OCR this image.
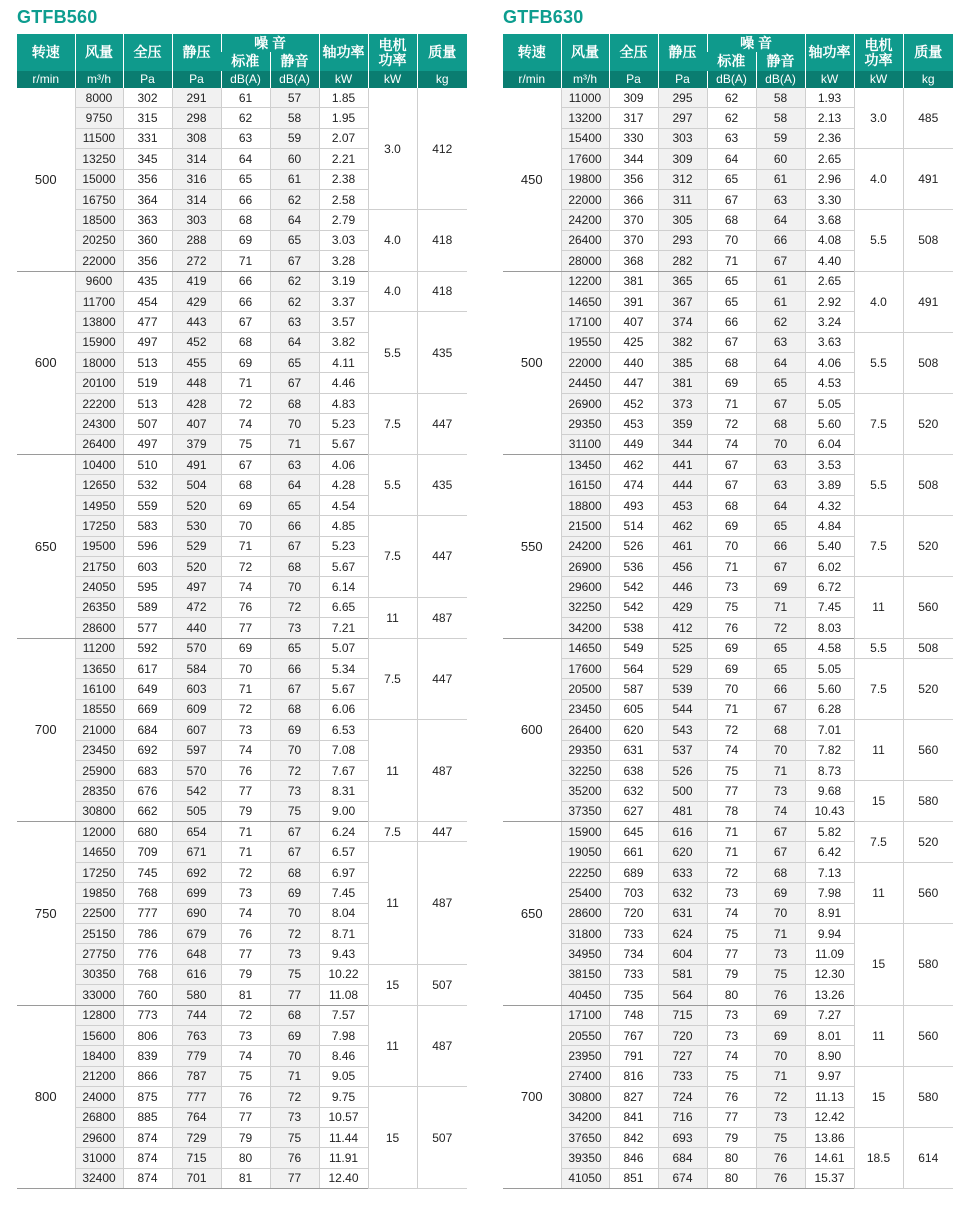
GTFB560
转速	风量	全压	静压	噪 音		轴功率	电机功率	质量
				标准	静音			
r/min	m³/h	Pa	Pa	dB(A)	dB(A)	kW	kW	kg
500	8000	302	291	61	57	1.85	3.0	412
	9750	315	298	62	58	1.95		
	11500	331	308	63	59	2.07		
	13250	345	314	64	60	2.21		
	15000	356	316	65	61	2.38		
	16750	364	314	66	62	2.58		
	18500	363	303	68	64	2.79	4.0	418
	20250	360	288	69	65	3.03		
	22000	356	272	71	67	3.28		
600	9600	435	419	66	62	3.19	4.0	418
	11700	454	429	66	62	3.37		
	13800	477	443	67	63	3.57	5.5	435
	15900	497	452	68	64	3.82		
	18000	513	455	69	65	4.11		
	20100	519	448	71	67	4.46		
	22200	513	428	72	68	4.83	7.5	447
	24300	507	407	74	70	5.23		
	26400	497	379	75	71	5.67		
650	10400	510	491	67	63	4.06	5.5	435
	12650	532	504	68	64	4.28		
	14950	559	520	69	65	4.54		
	17250	583	530	70	66	4.85	7.5	447
	19500	596	529	71	67	5.23		
	21750	603	520	72	68	5.67		
	24050	595	497	74	70	6.14		
	26350	589	472	76	72	6.65	11	487
	28600	577	440	77	73	7.21		
700	11200	592	570	69	65	5.07	7.5	447
	13650	617	584	70	66	5.34		
	16100	649	603	71	67	5.67		
	18550	669	609	72	68	6.06		
	21000	684	607	73	69	6.53	11	487
	23450	692	597	74	70	7.08		
	25900	683	570	76	72	7.67		
	28350	676	542	77	73	8.31		
	30800	662	505	79	75	9.00		
750	12000	680	654	71	67	6.24	7.5	447
	14650	709	671	71	67	6.57	11	487
	17250	745	692	72	68	6.97		
	19850	768	699	73	69	7.45		
	22500	777	690	74	70	8.04		
	25150	786	679	76	72	8.71		
	27750	776	648	77	73	9.43		
	30350	768	616	79	75	10.22	15	507
	33000	760	580	81	77	11.08		
800	12800	773	744	72	68	7.57	11	487
	15600	806	763	73	69	7.98		
	18400	839	779	74	70	8.46		
	21200	866	787	75	71	9.05		
	24000	875	777	76	72	9.75	15	507
	26800	885	764	77	73	10.57		
	29600	874	729	79	75	11.44		
	31000	874	715	80	76	11.91		
	32400	874	701	81	77	12.40		
GTFB630
转速	风量	全压	静压	噪 音		轴功率	电机功率	质量
				标准	静音			
r/min	m³/h	Pa	Pa	dB(A)	dB(A)	kW	kW	kg
450	11000	309	295	62	58	1.93	3.0	485
	13200	317	297	62	58	2.13		
	15400	330	303	63	59	2.36		
	17600	344	309	64	60	2.65	4.0	491
	19800	356	312	65	61	2.96		
	22000	366	311	67	63	3.30		
	24200	370	305	68	64	3.68	5.5	508
	26400	370	293	70	66	4.08		
	28000	368	282	71	67	4.40		
500	12200	381	365	65	61	2.65	4.0	491
	14650	391	367	65	61	2.92		
	17100	407	374	66	62	3.24		
	19550	425	382	67	63	3.63	5.5	508
	22000	440	385	68	64	4.06		
	24450	447	381	69	65	4.53		
	26900	452	373	71	67	5.05	7.5	520
	29350	453	359	72	68	5.60		
	31100	449	344	74	70	6.04		
550	13450	462	441	67	63	3.53	5.5	508
	16150	474	444	67	63	3.89		
	18800	493	453	68	64	4.32		
	21500	514	462	69	65	4.84	7.5	520
	24200	526	461	70	66	5.40		
	26900	536	456	71	67	6.02		
	29600	542	446	73	69	6.72	11	560
	32250	542	429	75	71	7.45		
	34200	538	412	76	72	8.03		
600	14650	549	525	69	65	4.58	5.5	508
	17600	564	529	69	65	5.05	7.5	520
	20500	587	539	70	66	5.60		
	23450	605	544	71	67	6.28		
	26400	620	543	72	68	7.01	11	560
	29350	631	537	74	70	7.82		
	32250	638	526	75	71	8.73		
	35200	632	500	77	73	9.68	15	580
	37350	627	481	78	74	10.43		
650	15900	645	616	71	67	5.82	7.5	520
	19050	661	620	71	67	6.42		
	22250	689	633	72	68	7.13	11	560
	25400	703	632	73	69	7.98		
	28600	720	631	74	70	8.91		
	31800	733	624	75	71	9.94	15	580
	34950	734	604	77	73	11.09		
	38150	733	581	79	75	12.30		
	40450	735	564	80	76	13.26		
700	17100	748	715	73	69	7.27	11	560
	20550	767	720	73	69	8.01		
	23950	791	727	74	70	8.90		
	27400	816	733	75	71	9.97	15	580
	30800	827	724	76	72	11.13		
	34200	841	716	77	73	12.42		
	37650	842	693	79	75	13.86	18.5	614
	39350	846	684	80	76	14.61		
	41050	851	674	80	76	15.37		
